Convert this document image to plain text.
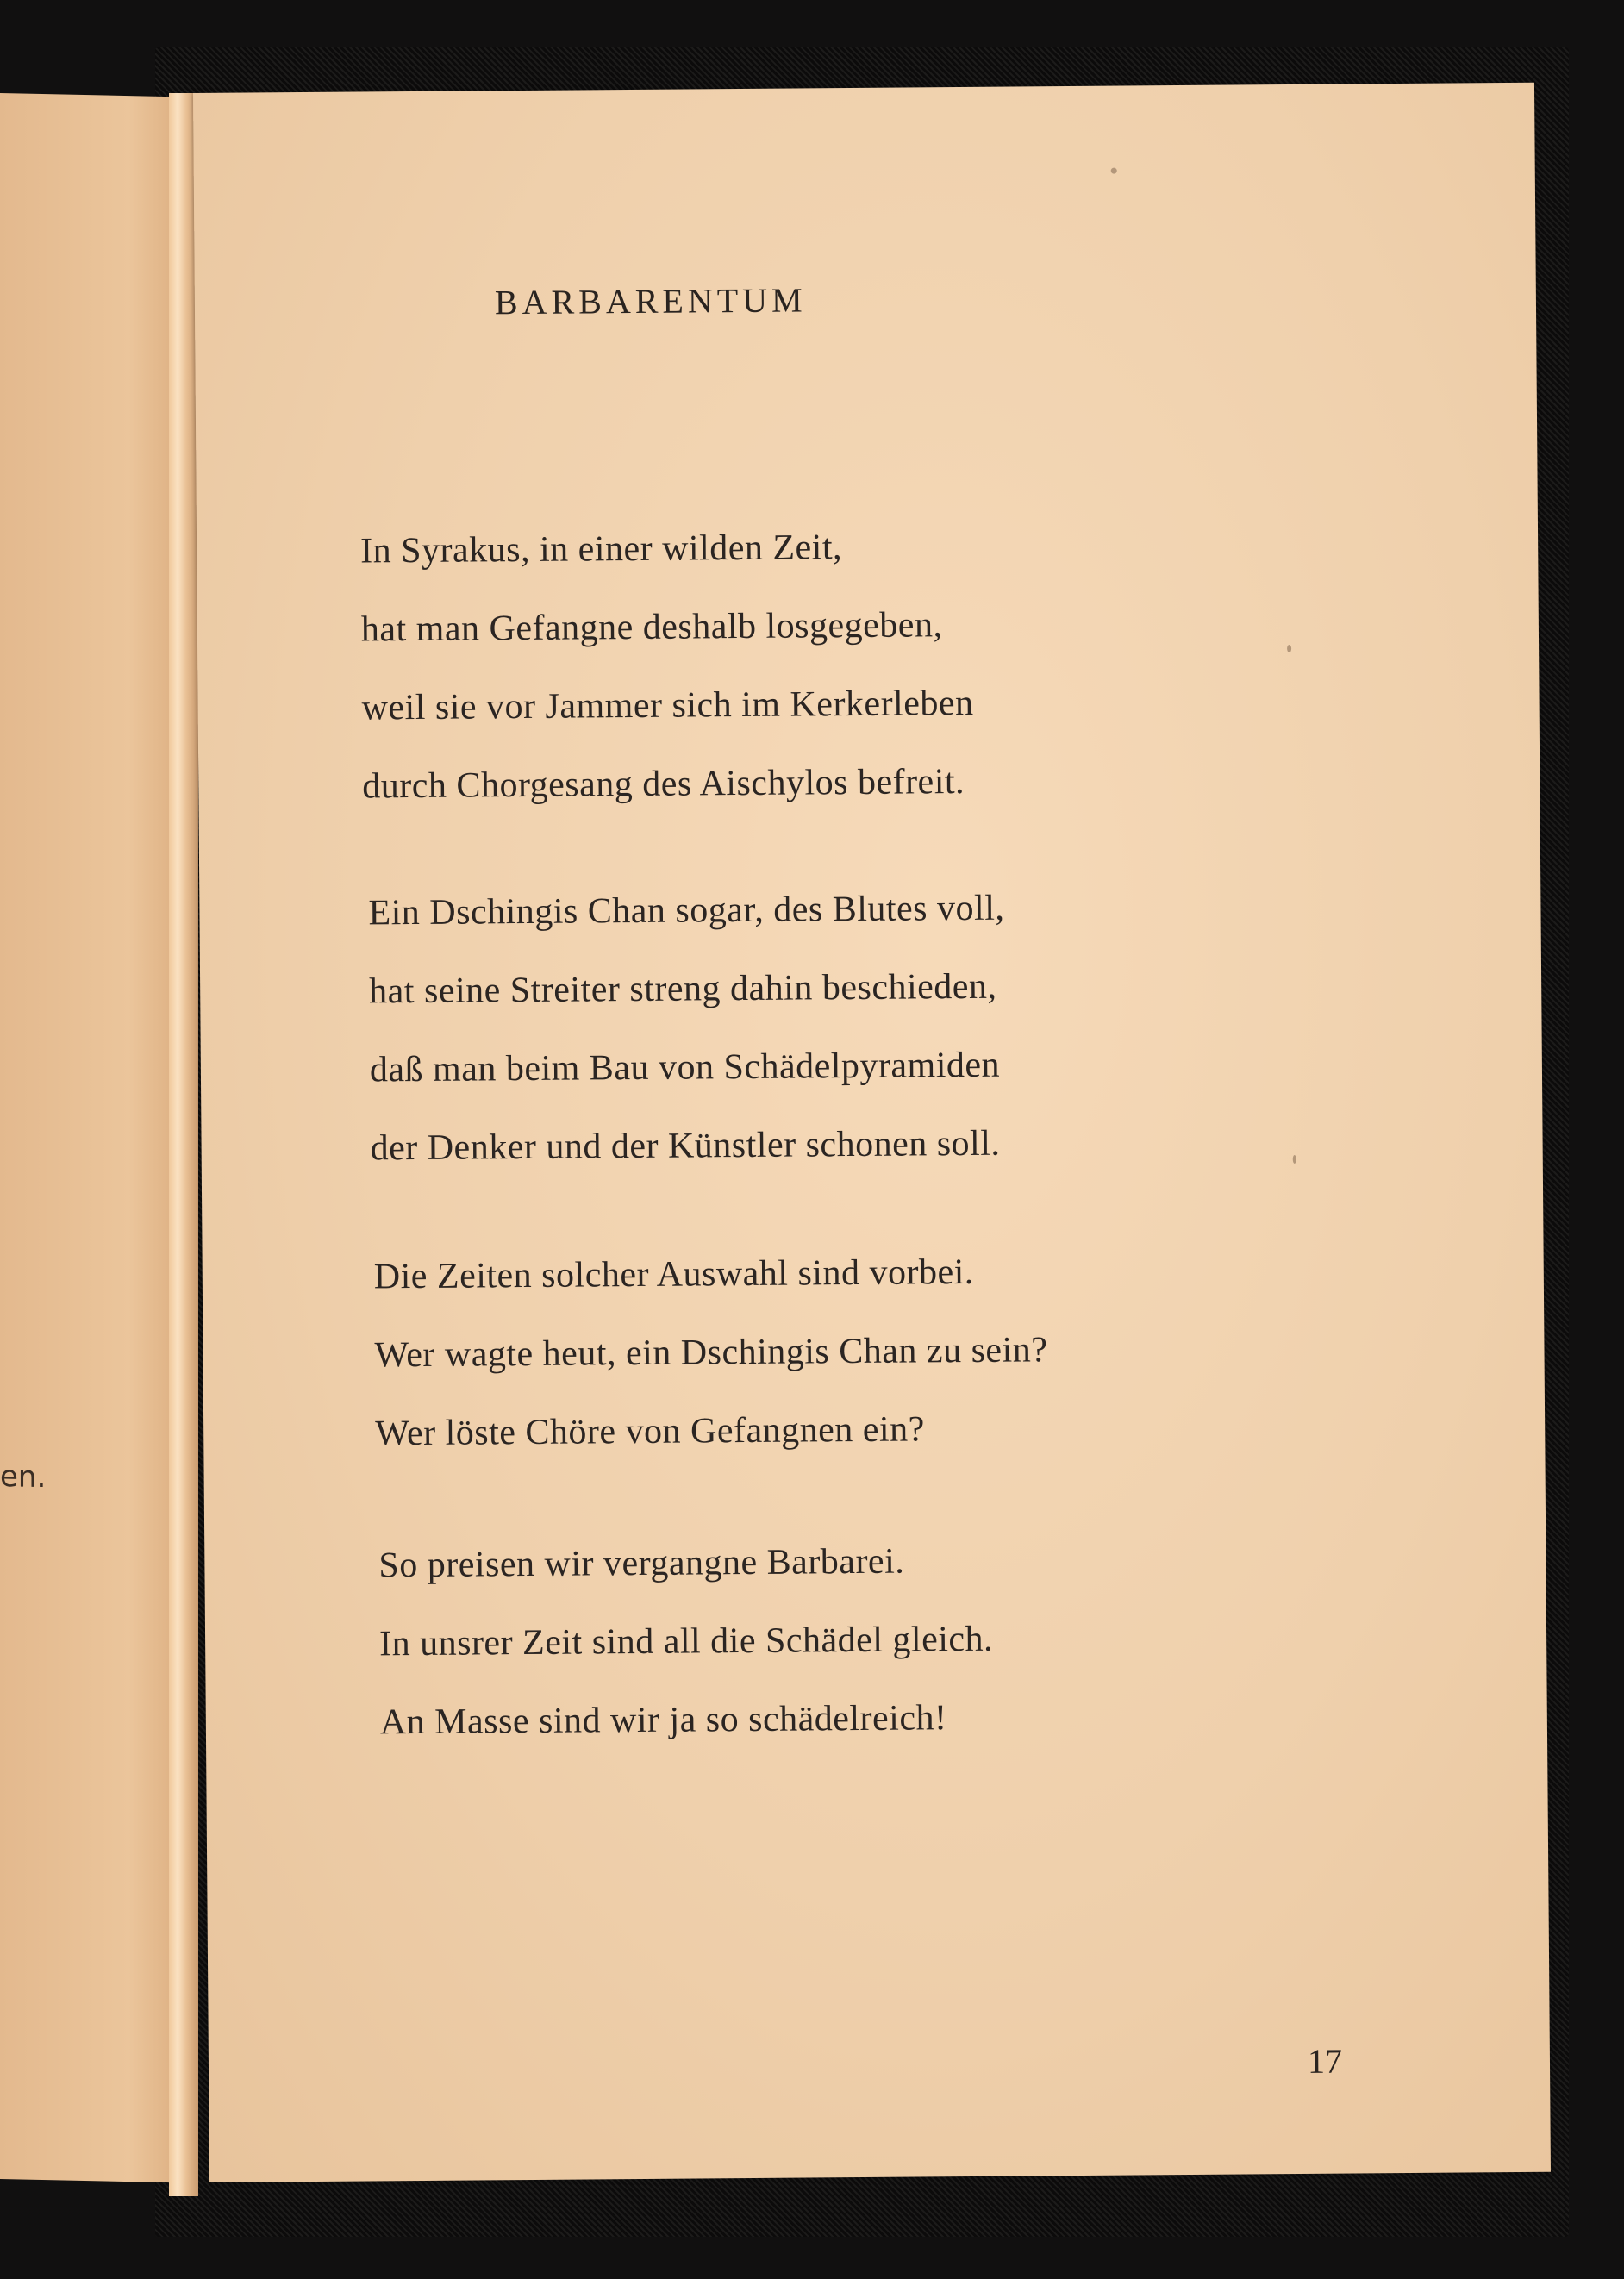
en.
BARBARENTUM
In Syrakus, in einer wilden Zeit,
hat man Gefangne deshalb losgegeben,
weil sie vor Jammer sich im Kerkerleben
durch Chorgesang des Aischylos befreit.
Ein Dschingis Chan sogar, des Blutes voll,
hat seine Streiter streng dahin beschieden,
daß man beim Bau von Schädelpyramiden
der Denker und der Künstler schonen soll.
Die Zeiten solcher Auswahl sind vorbei.
Wer wagte heut, ein Dschingis Chan zu sein?
Wer löste Chöre von Gefangnen ein?
So preisen wir vergangne Barbarei.
In unsrer Zeit sind all die Schädel gleich.
An Masse sind wir ja so schädelreich!
17
